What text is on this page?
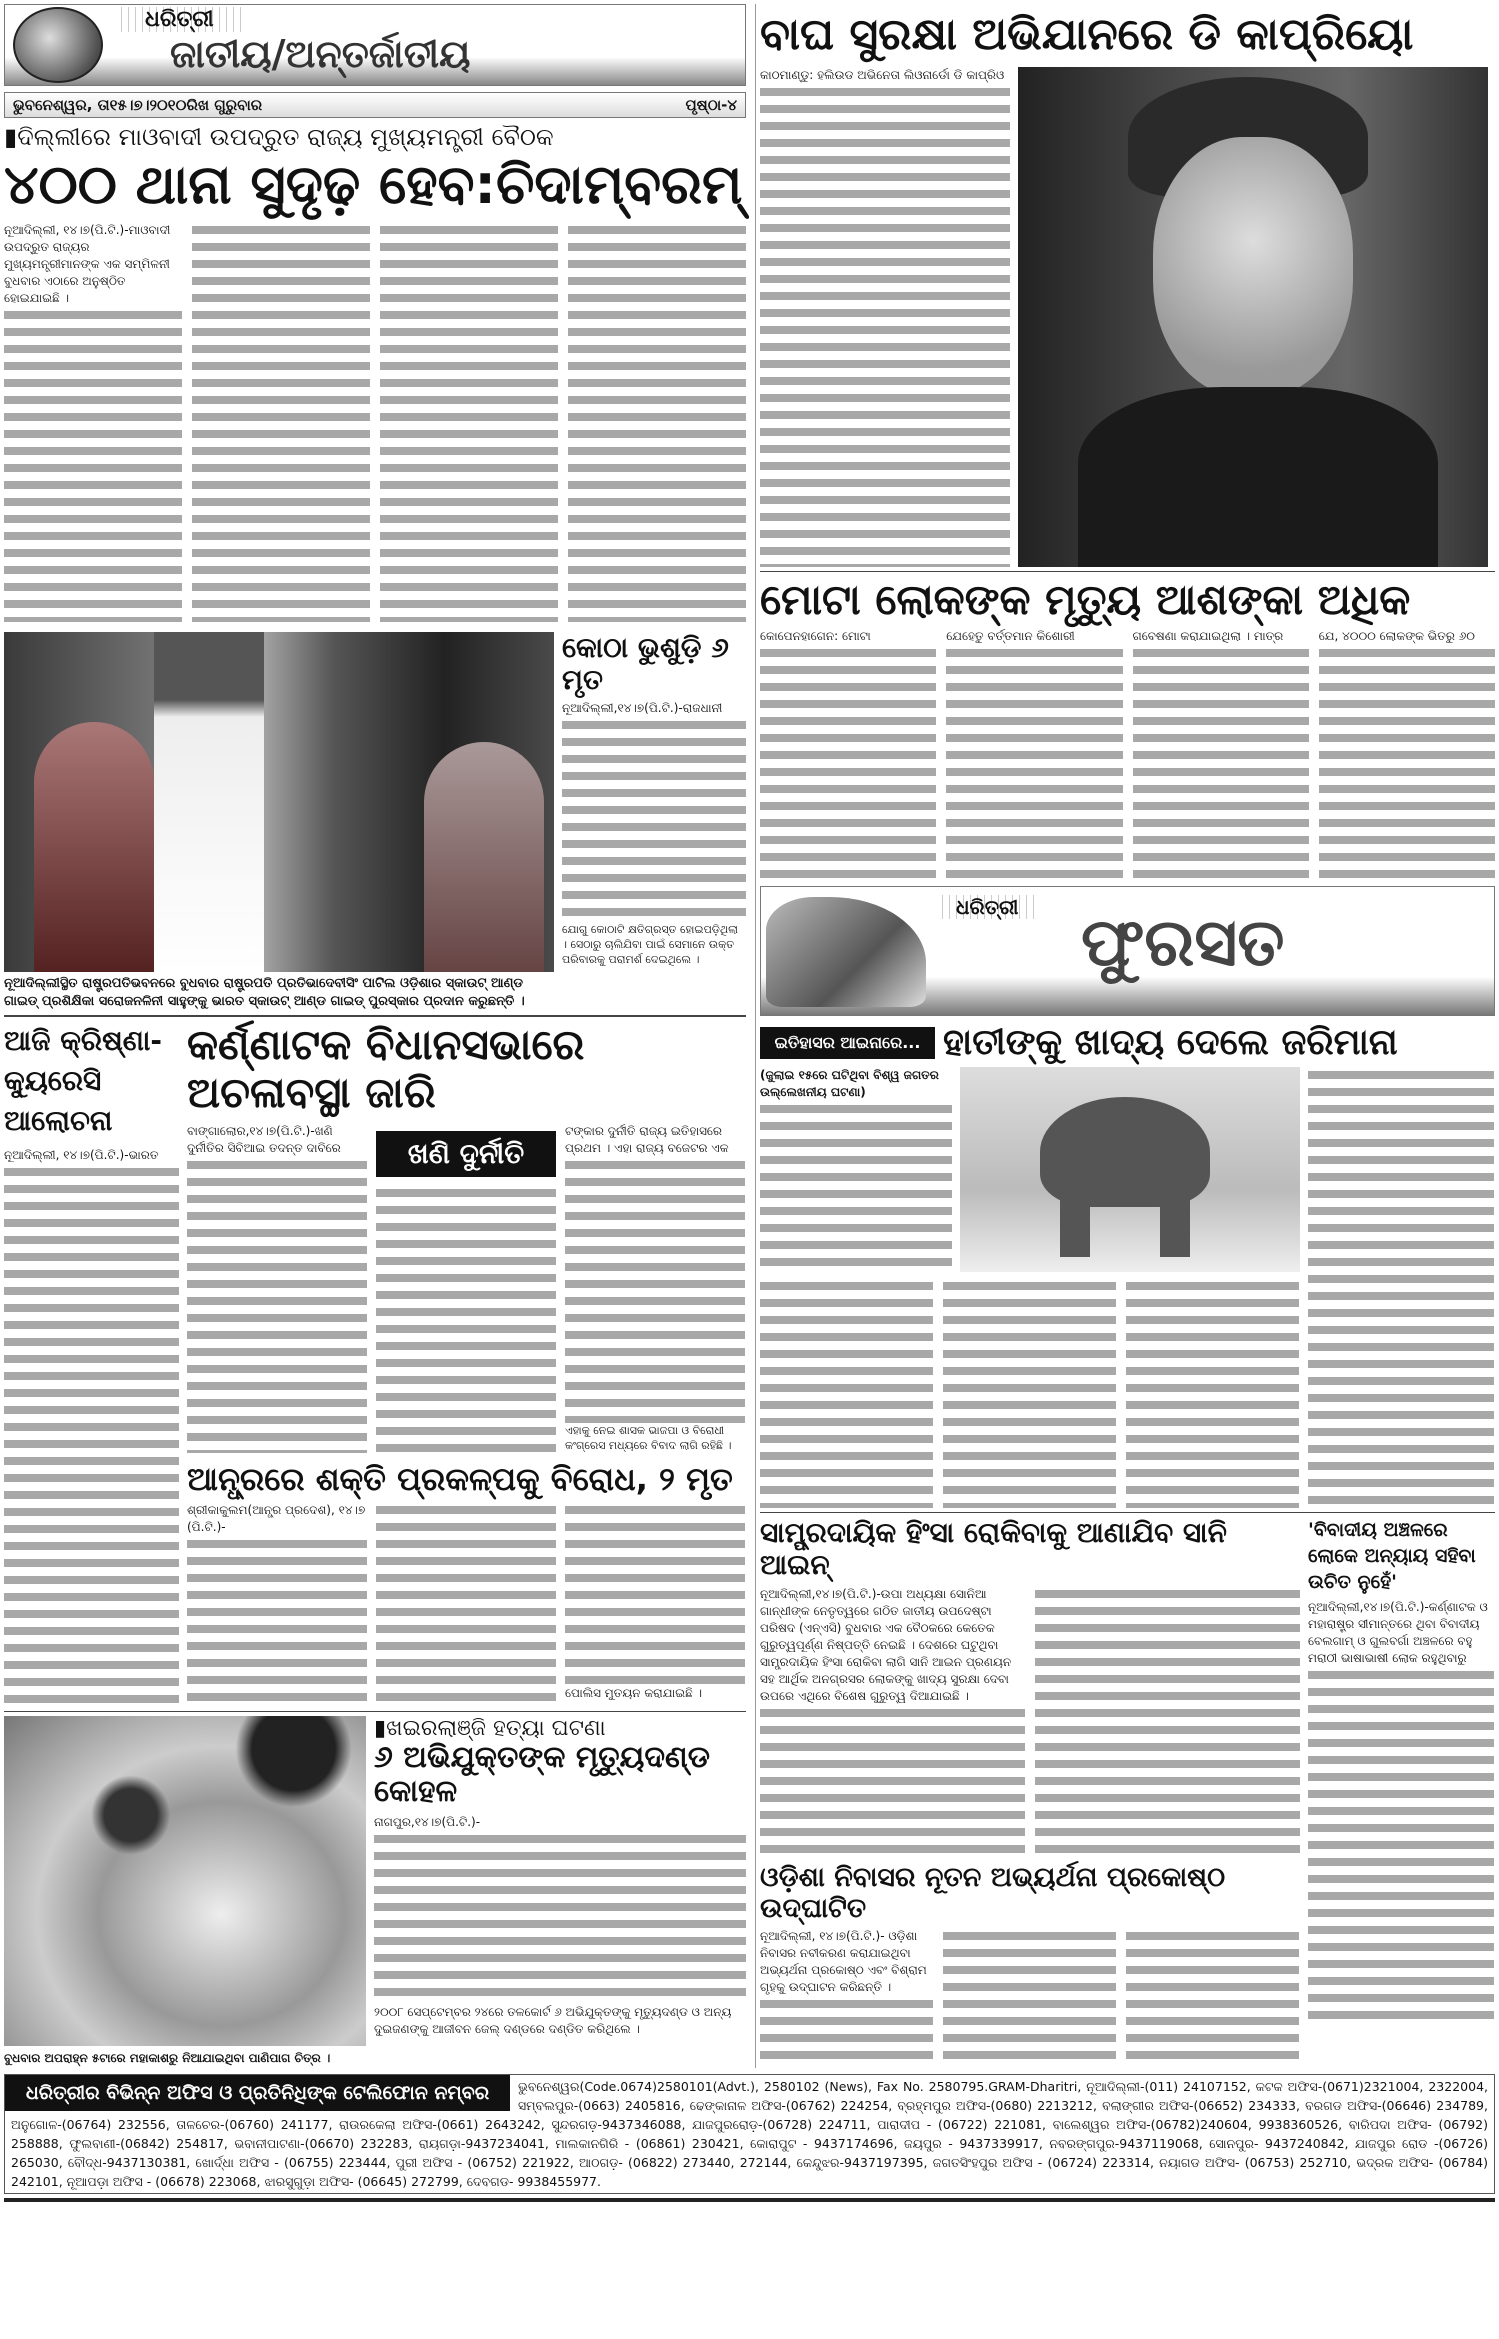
ଧରିତ୍ରୀ
ଜାତୀୟ/ଅନ୍ତର୍ଜାତୀୟ
ଭୁବନେଶ୍ୱର, ତା୧୫।୭।୨୦୧୦ରିଖ ଗୁରୁବାର	ପୃଷ୍ଠା-୪
▮ଦିଲ୍ଲୀରେ ମାଓବାଦୀ ଉପଦ୍ରୁତ ରାଜ୍ୟ ମୁଖ୍ୟମନ୍ତ୍ରୀ ବୈଠକ
୪୦୦ ଥାନା ସୁଦୃଢ଼ ହେବ:ଚିଦାମ୍ବରମ୍

ନୂଆଦିଲ୍ଲୀ, ୧୪।୭(ପି.ଟି.)-ମାଓବାଦୀ ଉପଦ୍ରୁତ ରାଜ୍ୟର ମୁଖ୍ୟମନ୍ତ୍ରୀମାନଙ୍କ ଏକ ସମ୍ମିଳନୀ ବୁଧବାର ଏଠାରେ ଅନୁଷ୍ଠିତ ହୋଇଯାଇଛି ।

ନୂଆଦିଲ୍ଲୀସ୍ଥିତ ରାଷ୍ଟ୍ରପତିଭବନରେ ବୁଧବାର ରାଷ୍ଟ୍ରପତି ପ୍ରତିଭାଦେବୀସିଂ ପାଟିଲ ଓଡ଼ିଶାର ସ୍କାଉଟ୍ ଆଣ୍ଡ ଗାଇଡ୍ ପ୍ରଶିକ୍ଷିକା ସରୋଜନଳିନୀ ସାହୁଙ୍କୁ ଭାରତ ସ୍କାଉଟ୍ ଆଣ୍ଡ ଗାଇଡ୍ ପୁରସ୍କାର ପ୍ରଦାନ କରୁଛନ୍ତି ।
କୋଠା ଭୁଶୁଡ଼ି ୬ ମୃତ

ନୂଆଦିଲ୍ଲୀ,୧୪।୭(ପି.ଟି.)-ରାଜଧାନୀ

ଯୋଗୁ କୋଠାଟି କ୍ଷତିଗ୍ରସ୍ତ ହୋଇପଡ଼ିଥିଲା । ସେଠାରୁ ଚାଲିଯିବା ପାଇଁ ସେମାନେ ଉକ୍ତ ପରିବାରକୁ ପରାମର୍ଶ ଦେଇଥିଲେ ।
ଆଜି କ୍ରିଷ୍ଣା-କ୍ୟୁରେସି ଆଲୋଚନା

ନୂଆଦିଲ୍ଲୀ, ୧୪।୭(ପି.ଟି.)-ଭାରତ

କର୍ଣ୍ଣାଟକ ବିଧାନସଭାରେ ଅଚଳାବସ୍ଥା ଜାରି

ବାଙ୍ଗାଲୋର,୧୪।୭(ପି.ଟି.)-ଖଣି ଦୁର୍ନୀତିର ସିବିଆଇ ତଦନ୍ତ ଦାବିରେ	ଖଣି ଦୁର୍ନୀତି

ଟଙ୍କାର ଦୁର୍ନୀତି ରାଜ୍ୟ ଇତିହାସରେ ପ୍ରଥମ । ଏହା ରାଜ୍ୟ ବଜେଟର ଏକ

ଏହାକୁ ନେଇ ଶାସକ ଭାଜପା ଓ ବିରୋଧୀ କଂଗ୍ରେସ ମଧ୍ୟରେ ବିବାଦ ଲାଗି ରହିଛି ।

ଆନ୍ଧ୍ରରେ ଶକ୍ତି ପ୍ରକଳ୍ପକୁ ବିରୋଧ, ୨ ମୃତ

ଶ୍ରୀକାକୁଲମ(ଆନ୍ଧ୍ର ପ୍ରଦେଶ), ୧୪।୭ (ପି.ଟି.)-

ପୋଲିସ ମୁତୟନ କରାଯାଇଛି ।

ବୁଧବାର ଅପରାହ୍ନ ୫ଟାରେ ମହାକାଶରୁ ନିଆଯାଇଥିବା ପାଣିପାଗ ଚିତ୍ର ।
▮ଖଇରଲାଞ୍ଜି ହତ୍ୟା ଘଟଣା
୬ ଅଭିଯୁକ୍ତଙ୍କ ମୃତ୍ୟୁଦଣ୍ଡ କୋହଳ

ନାଗପୁର,୧୪।୭(ପି.ଟି.)-

୨୦୦୮ ସେପ୍ଟେମ୍ବର ୨୪ରେ ତଳକୋର୍ଟ ୬ ଅଭିଯୁକ୍ତଙ୍କୁ ମୃତ୍ୟୁଦଣ୍ଡ ଓ ଅନ୍ୟ ଦୁଇଜଣଙ୍କୁ ଆଜୀବନ ଜେଲ୍ ଦଣ୍ଡରେ ଦଣ୍ଡିତ କରିଥିଲେ ।
ବାଘ ସୁରକ୍ଷା ଅଭିଯାନରେ ଡି କାପ୍ରିୟୋ

କାଠମାଣ୍ଡୁ: ହଲିଉଡ ଅଭିନେତା ଲିଓନାର୍ଡୋ ଡି କାପ୍ରିଓ

ମୋଟା ଲୋକଙ୍କ ମୃତ୍ୟୁ ଆଶଙ୍କା ଅଧିକ

କୋପେନହାଗେନ: ମୋଟା	ଯେହେତୁ ବର୍ତ୍ତମାନ କିଶୋରୀ	ଗବେଷଣା କରାଯାଇଥିଲା । ମାତ୍ର	ଯେ, ୪୦୦୦ ଲୋକଙ୍କ ଭିତରୁ ୬୦

ଧରିତ୍ରୀ ଫୁରସତ
ଇତିହାସର ଆଇନାରେ... ହାତୀଙ୍କୁ ଖାଦ୍ୟ ଦେଲେ ଜରିମାନା

(ଜୁଲାଇ ୧୫ରେ ଘଟିଥିବା ବିଶ୍ୱ ଜଗତର ଉଲ୍ଲେଖନୀୟ ଘଟଣା)

ସାମ୍ପ୍ରଦାୟିକ ହିଂସା ରୋକିବାକୁ ଆଣାଯିବ ସାନି ଆଇନ୍

ନୂଆଦିଲ୍ଲୀ,୧୪।୭(ପି.ଟି.)-ଉପା ଅଧ୍ୟକ୍ଷା ସୋନିଆ ଗାନ୍ଧୀଙ୍କ ନେତୃତ୍ୱରେ ଗଠିତ ଜାତୀୟ ଉପଦେଷ୍ଟା ପରିଷଦ (ଏନ୍‌ଏସି) ବୁଧବାର ଏକ ବୈଠକରେ କେତେକ ଗୁରୁତ୍ୱପୂର୍ଣ୍ଣ ନିଷ୍ପତ୍ତି ନେଇଛି । ଦେଶରେ ଘଟୁଥିବା ସାମ୍ପ୍ରଦାୟିକ ହିଂସା ରୋକିବା ଲାଗି ସାନି ଆଇନ ପ୍ରଣୟନ ସହ ଆର୍ଥିକ ଅନଗ୍ରସର ଲୋକଙ୍କୁ ଖାଦ୍ୟ ସୁରକ୍ଷା ଦେବା ଉପରେ ଏଥିରେ ବିଶେଷ ଗୁରୁତ୍ୱ ଦିଆଯାଇଛି ।

ଓଡ଼ିଶା ନିବାସର ନୂତନ ଅଭ୍ୟର୍ଥନା ପ୍ରକୋଷ୍ଠ ଉଦ୍‌ଘାଟିତ

ନୂଆଦିଲ୍ଲୀ, ୧୪।୭(ପି.ଟି.)- ଓଡ଼ିଶା ନିବାସର ନବୀକରଣ କରାଯାଇଥିବା ଅଭ୍ୟର୍ଥନା ପ୍ରକୋଷ୍ଠ ଏବଂ ବିଶ୍ରାମ ଗୃହକୁ ଉଦ୍‌ଘାଟନ କରିଛନ୍ତି ।

'ବିବାଦୀୟ ଅଞ୍ଚଳରେ ଲୋକେ ଅନ୍ୟାୟ ସହିବା ଉଚିତ ନୁହେଁ'

ନୂଆଦିଲ୍ଲୀ,୧୪।୭(ପି.ଟି.)-କର୍ଣ୍ଣାଟକ ଓ ମହାରାଷ୍ଟ୍ର ସୀମାନ୍ତରେ ଥିବା ବିବାଦୀୟ ବେଲଗାମ୍ ଓ ଗୁଲବର୍ଗା ଅଞ୍ଚଳରେ ବହୁ ମରାଠୀ ଭାଷାଭାଷୀ ଲୋକ ରହୁଥିବାରୁ

ଧରିତ୍ରୀର ବିଭିନ୍ନ ଅଫିସ ଓ ପ୍ରତିନିଧିଙ୍କ ଟେଲିଫୋନ ନମ୍ବର	ଭୁବନେଶ୍ୱର(Code.0674)2580101(Advt.), 2580102 (News), Fax No. 2580795.GRAM-Dharitri, ନୂଆଦିଲ୍ଲୀ-(011) 24107152, କଟକ ଅଫିସ-(0671)2321004, 2322004, ସମ୍ବଲପୁର-(0663) 2405816, ଢେଙ୍କାନାଳ ଅଫିସ-(06762) 224254, ବ୍ରହ୍ମପୁର ଅଫିସ-(0680) 2213212, ବଲାଙ୍ଗୀର ଅଫିସ-(06652) 234333, ବରଗଡ ଅଫିସ-(06646) 234789, ଅନୁଗୋଳ-(06764) 232556, ତାଳଚେର-(06760) 241177, ରାଉରକେଲା ଅଫିସ-(0661) 2643242, ସୁନ୍ଦରଗଡ଼-9437346088, ଯାଜପୁରରୋଡ଼-(06728) 224711, ପାରାଦୀପ - (06722) 221081, ବାଲେଶ୍ୱର ଅଫିସ-(06782)240604, 9938360526, ବାରିପଦା ଅଫିସ- (06792) 258888, ଫୁଲବାଣୀ-(06842) 254817, ଭବାନୀପାଟଣା-(06670) 232283, ରାୟଗଡ଼ା-9437234041, ମାଲକାନଗିରି - (06861) 230421, କୋରାପୁଟ - 9437174696, ଜୟପୁର - 9437339917, ନବରଙ୍ଗପୁର-9437119068, ସୋନପୁର- 9437240842, ଯାଜପୁର ରୋଡ -(06726) 265030, ବୌଦ୍ଧ-9437130381, ଖୋର୍ଦ୍ଧା ଅଫିସ - (06755) 223444, ପୁରୀ ଅଫିସ - (06752) 221922, ଆଠଗଡ଼- (06822) 273440, 272144, କେନ୍ଦୁଝର-9437197395, ଜଗତସିଂହପୁର ଅଫିସ - (06724) 223314, ନୟାଗଡ ଅଫିସ- (06753) 252710, ଭଦ୍ରକ ଅଫିସ- (06784) 242101, ନୂଆପଡ଼ା ଅଫିସ - (06678) 223068, ଝାରସୁଗୁଡ଼ା ଅଫିସ- (06645) 272799, ଦେବଗଡ- 9938455977.
